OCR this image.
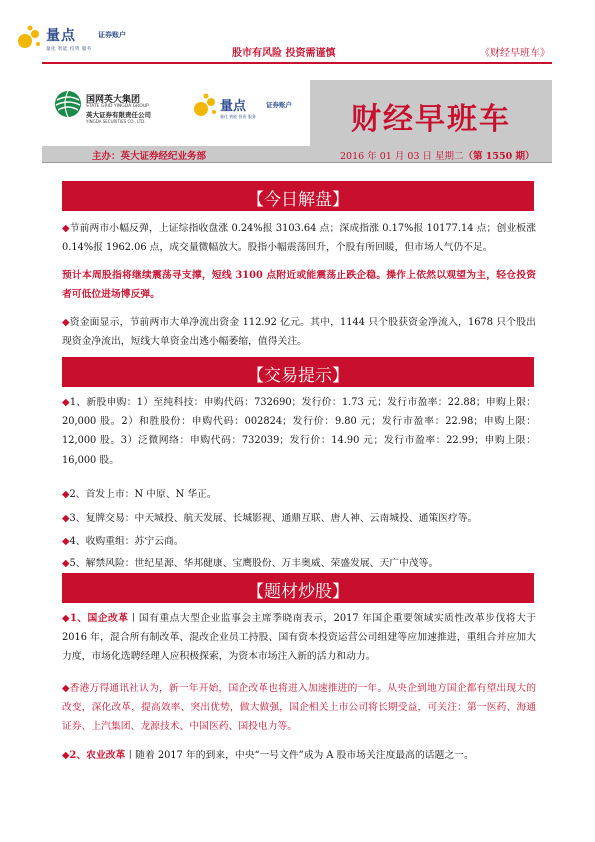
量点	证券账户
量化 智能 投资 服务	股市有风险 投资需谨慎	《财经早班车》
国网英大集团
STATE GRID YINGDA GROUP
英大证券有限责任公司
YINGDA SECURITIES CO., LTD.
量点	证券账户
量化 智能 投资 服务	财经早班车
主办：英大证券经纪业务部	2016 年 01 月 03 日 星期二（第 1550 期）
【今日解盘】
◆节前两市小幅反弹，上证综指收盘涨 0.24%报 3103.64 点；深成指涨 0.17%报 10177.14 点；创业板涨 0.14%报 1962.06 点，成交量微幅放大。股指小幅震荡回升，个股有所回暖，但市场人气仍不足。
预计本周股指将继续震荡寻支撑，短线 3100 点附近或能震荡止跌企稳。操作上依然以观望为主，轻仓投资者可低位进场博反弹。
◆资金面显示，节前两市大单净流出资金 112.92 亿元。其中，1144 只个股获资金净流入，1678 只个股出现资金净流出，短线大单资金出逃小幅萎缩，值得关注。
【交易提示】
◆1、新股申购：1）至纯科技：申购代码：732690；发行价：1.73 元；发行市盈率：22.88；申购上限：20,000 股。2）和胜股份：申购代码：002824；发行价：9.80 元；发行市盈率：22.98；申购上限：12,000 股。3）泛微网络：申购代码：732039；发行价：14.90 元；发行市盈率：22.99；申购上限：16,000 股。
◆2、首发上市：N 中原、N 华正。
◆3、复牌交易：中天城投、航天发展、长城影视、通鼎互联、唐人神、云南城投、通策医疗等。
◆4、收购重组：苏宁云商。
◆5、解禁风险：世纪星源、华邦健康、宝鹰股份、万丰奥威、荣盛发展、天广中茂等。
【题材炒股】
◆1、国企改革丨国有重点大型企业监事会主席季晓南表示，2017 年国企重要领域实质性改革步伐将大于 2016 年，混合所有制改革、混改企业员工持股、国有资本投资运营公司组建等应加速推进，重组合并应加大力度，市场化选聘经理人应积极探索，为资本市场注入新的活力和动力。
◆香港万得通讯社认为，新一年开始，国企改革也将进入加速推进的一年。从央企到地方国企都有望出现大的改变，深化改革，提高效率、突出优势，做大做强，国企相关上市公司将长期受益，可关注：第一医药、海通证券、上汽集团、龙源技术、中国医药、国投电力等。
◆2、农业改革丨随着 2017 年的到来，中央“一号文件”成为 A 股市场关注度最高的话题之一。
